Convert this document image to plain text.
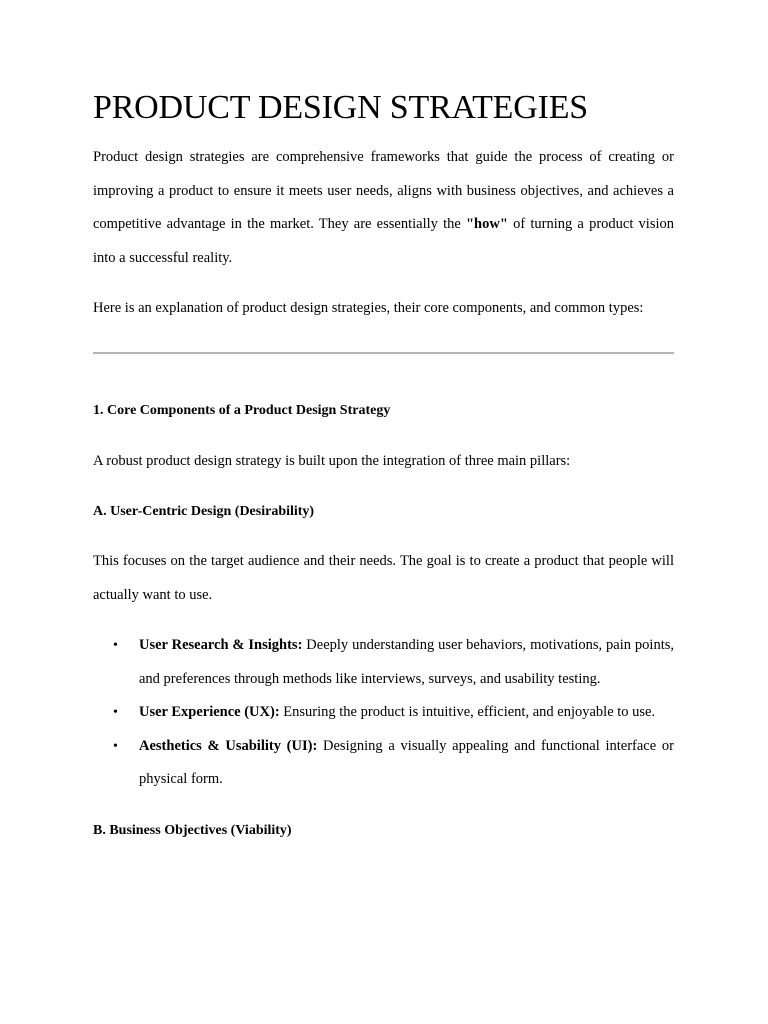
PRODUCT DESIGN STRATEGIES

Product design strategies are comprehensive frameworks that guide the process of creating or improving a product to ensure it meets user needs, aligns with business objectives, and achieves a competitive advantage in the market. They are essentially the "how" of turning a product vision into a successful reality.

Here is an explanation of product design strategies, their core components, and common types:

1. Core Components of a Product Design Strategy

A robust product design strategy is built upon the integration of three main pillars:

A. User-Centric Design (Desirability)

This focuses on the target audience and their needs. The goal is to create a product that people will actually want to use.

• User Research & Insights: Deeply understanding user behaviors, motivations, pain points, and preferences through methods like interviews, surveys, and usability testing.
• User Experience (UX): Ensuring the product is intuitive, efficient, and enjoyable to use.
• Aesthetics & Usability (UI): Designing a visually appealing and functional interface or physical form.
B. Business Objectives (Viability)
